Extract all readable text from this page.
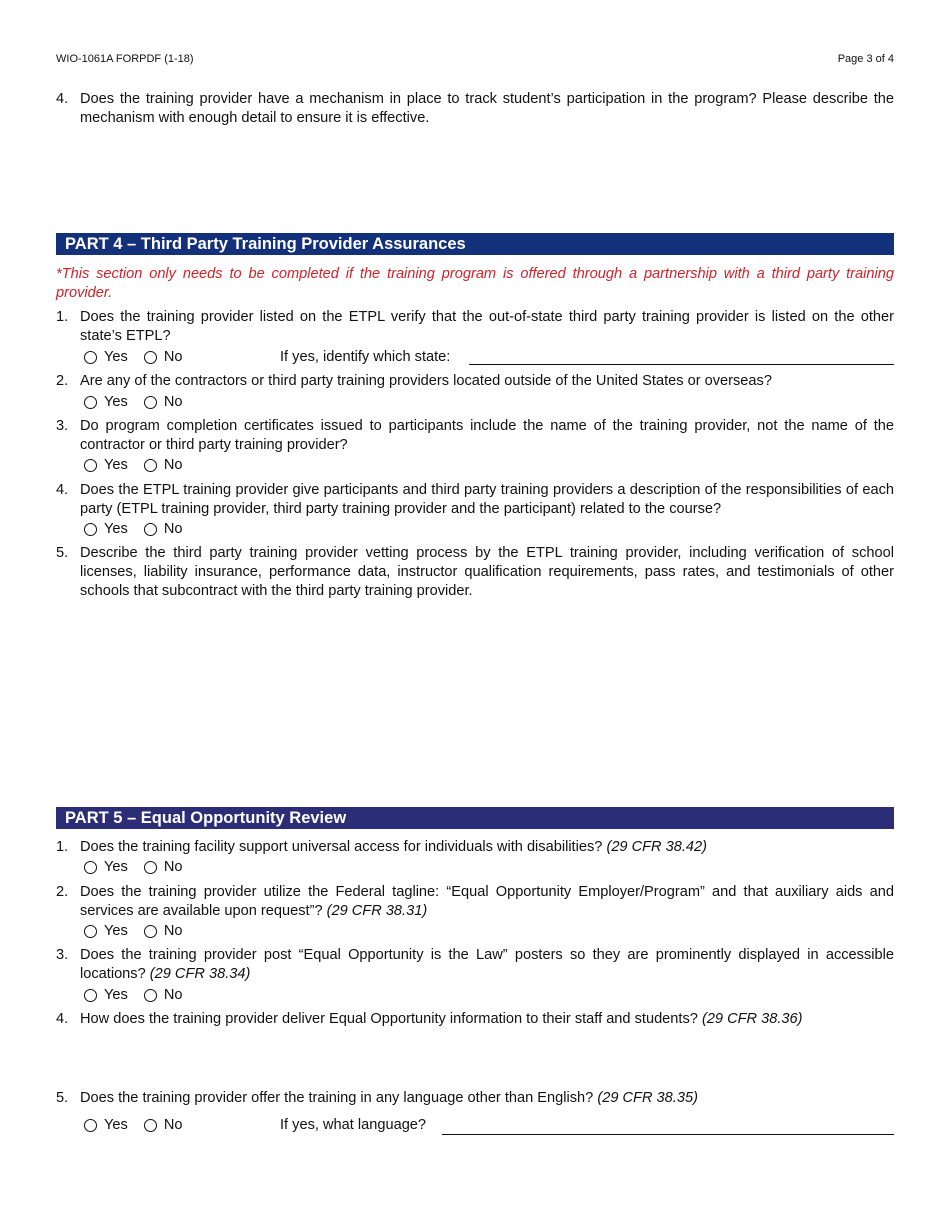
WIO-1061A FORPDF (1-18)	Page 3 of 4
4. Does the training provider have a mechanism in place to track student’s participation in the program? Please describe the mechanism with enough detail to ensure it is effective.
PART 4 – Third Party Training Provider Assurances
*This section only needs to be completed if the training program is offered through a partnership with a third party training provider.
1. Does the training provider listed on the ETPL verify that the out-of-state third party training provider is listed on the other state’s ETPL?
Yes No	If yes, identify which state:
2. Are any of the contractors or third party training providers located outside of the United States or overseas?
Yes No
3. Do program completion certificates issued to participants include the name of the training provider, not the name of the contractor or third party training provider?
Yes No
4. Does the ETPL training provider give participants and third party training providers a description of the responsibilities of each party (ETPL training provider, third party training provider and the participant) related to the course?
Yes No
5. Describe the third party training provider vetting process by the ETPL training provider, including verification of school licenses, liability insurance, performance data, instructor qualification requirements, pass rates, and testimonials of other schools that subcontract with the third party training provider.
PART 5 – Equal Opportunity Review
1. Does the training facility support universal access for individuals with disabilities? (29 CFR 38.42)
Yes No
2. Does the training provider utilize the Federal tagline: “Equal Opportunity Employer/Program” and that auxiliary aids and services are available upon request”? (29 CFR 38.31)
Yes No
3. Does the training provider post “Equal Opportunity is the Law” posters so they are prominently displayed in accessible locations? (29 CFR 38.34)
Yes No
4. How does the training provider deliver Equal Opportunity information to their staff and students? (29 CFR 38.36)
5. Does the training provider offer the training in any language other than English? (29 CFR 38.35)
Yes No	If yes, what language?
